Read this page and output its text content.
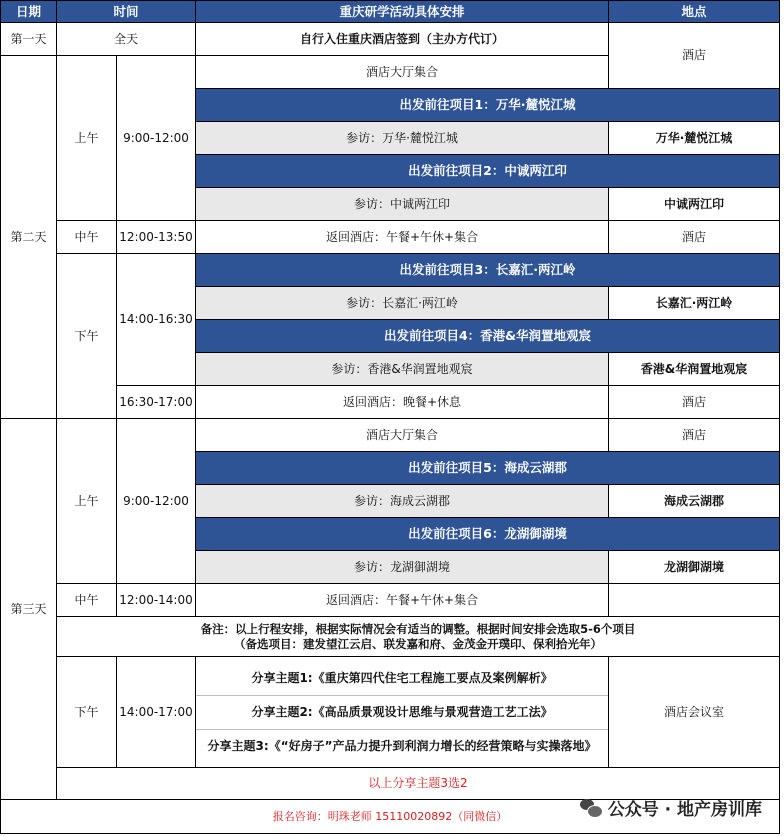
日期	时间		重庆研学活动具体安排	地点
第一天	全天		自行入住重庆酒店签到（主办方代订）	酒店
第二天	上午	9:00-12:00	酒店大厅集合	
			出发前往项目1：万华·麓悦江城	
			参访：万华·麓悦江城	万华·麓悦江城
			出发前往项目2：中诚两江印	
			参访：中诚两江印	中诚两江印
	中午	12:00-13:50	返回酒店：午餐+午休+集合	酒店
	下午	14:00-16:30	出发前往项目3：长嘉汇·两江岭	
			参访：长嘉汇·两江岭	长嘉汇·两江岭
			出发前往项目4：香港&华润置地观宸	
			参访：香港&华润置地观宸	香港&华润置地观宸
		16:30-17:00	返回酒店：晚餐+休息	酒店
第三天	上午	9:00-12:00	酒店大厅集合	酒店
			出发前往项目5：海成云湖郡	
			参访：海成云湖郡	海成云湖郡
			出发前往项目6：龙湖御湖境	
			参访：龙湖御湖境	龙湖御湖境
	中午	12:00-14:00	返回酒店：午餐+午休+集合	

	备注：以上行程安排，根据实际情况会有适当的调整。根据时间安排会选取5-6个项目
（备选项目：建发望江云启、联发嘉和府、金茂金开璞印、保利拾光年）			

	下午	14:00-17:00	分享主题1:《重庆第四代住宅工程施工要点及案例解析》
分享主题2:《高品质景观设计思维与景观营造工艺工法》
分享主题3:《“好房子”产品力提升到利润力增长的经营策略与实操落地》	酒店会议室
	以上分享主题3选2			
报名咨询：明珠老师 15110020892（同微信）					公众号 · 地产房训库
